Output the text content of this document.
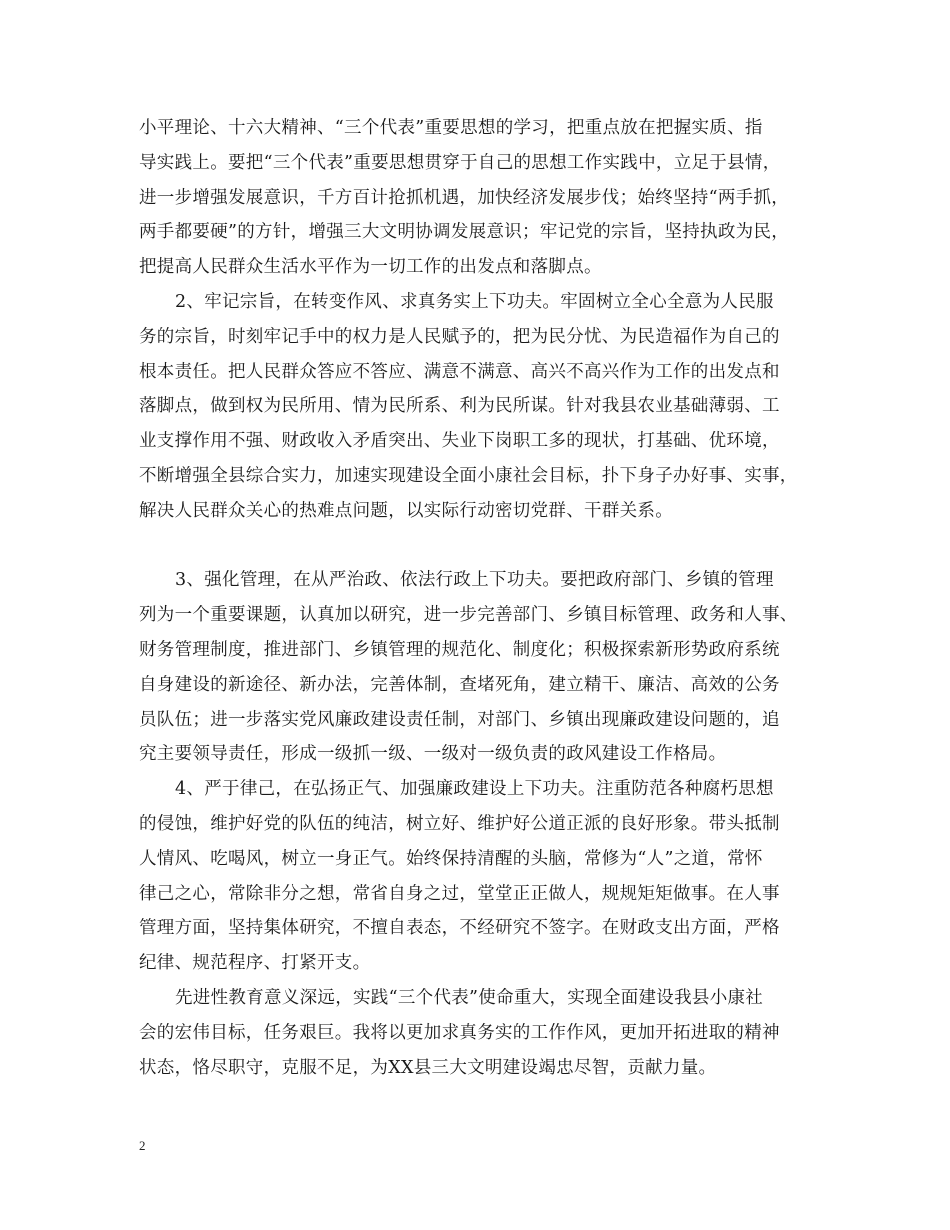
小平理论、十六大精神、“三个代表”重要思想的学习，把重点放在把握实质、指
导实践上。要把“三个代表”重要思想贯穿于自己的思想工作实践中，立足于县情，
进一步增强发展意识，千方百计抢抓机遇，加快经济发展步伐；始终坚持“两手抓，
两手都要硬”的方针，增强三大文明协调发展意识；牢记党的宗旨，坚持执政为民，
把提高人民群众生活水平作为一切工作的出发点和落脚点。
2、牢记宗旨，在转变作风、求真务实上下功夫。牢固树立全心全意为人民服
务的宗旨，时刻牢记手中的权力是人民赋予的，把为民分忧、为民造福作为自己的
根本责任。把人民群众答应不答应、满意不满意、高兴不高兴作为工作的出发点和
落脚点，做到权为民所用、情为民所系、利为民所谋。针对我县农业基础薄弱、工
业支撑作用不强、财政收入矛盾突出、失业下岗职工多的现状，打基础、优环境，
不断增强全县综合实力，加速实现建设全面小康社会目标，扑下身子办好事、实事，
解决人民群众关心的热难点问题，以实际行动密切党群、干群关系。
3、强化管理，在从严治政、依法行政上下功夫。要把政府部门、乡镇的管理
列为一个重要课题，认真加以研究，进一步完善部门、乡镇目标管理、政务和人事、
财务管理制度，推进部门、乡镇管理的规范化、制度化；积极探索新形势政府系统
自身建设的新途径、新办法，完善体制，查堵死角，建立精干、廉洁、高效的公务
员队伍；进一步落实党风廉政建设责任制，对部门、乡镇出现廉政建设问题的，追
究主要领导责任，形成一级抓一级、一级对一级负责的政风建设工作格局。
4、严于律己，在弘扬正气、加强廉政建设上下功夫。注重防范各种腐朽思想
的侵蚀，维护好党的队伍的纯洁，树立好、维护好公道正派的良好形象。带头抵制
人情风、吃喝风，树立一身正气。始终保持清醒的头脑，常修为“人”之道，常怀
律己之心，常除非分之想，常省自身之过，堂堂正正做人，规规矩矩做事。在人事
管理方面，坚持集体研究，不擅自表态，不经研究不签字。在财政支出方面，严格
纪律、规范程序、打紧开支。
先进性教育意义深远，实践“三个代表”使命重大，实现全面建设我县小康社
会的宏伟目标，任务艰巨。我将以更加求真务实的工作作风，更加开拓进取的精神
状态，恪尽职守，克服不足，为XX县三大文明建设竭忠尽智，贡献力量。
2
